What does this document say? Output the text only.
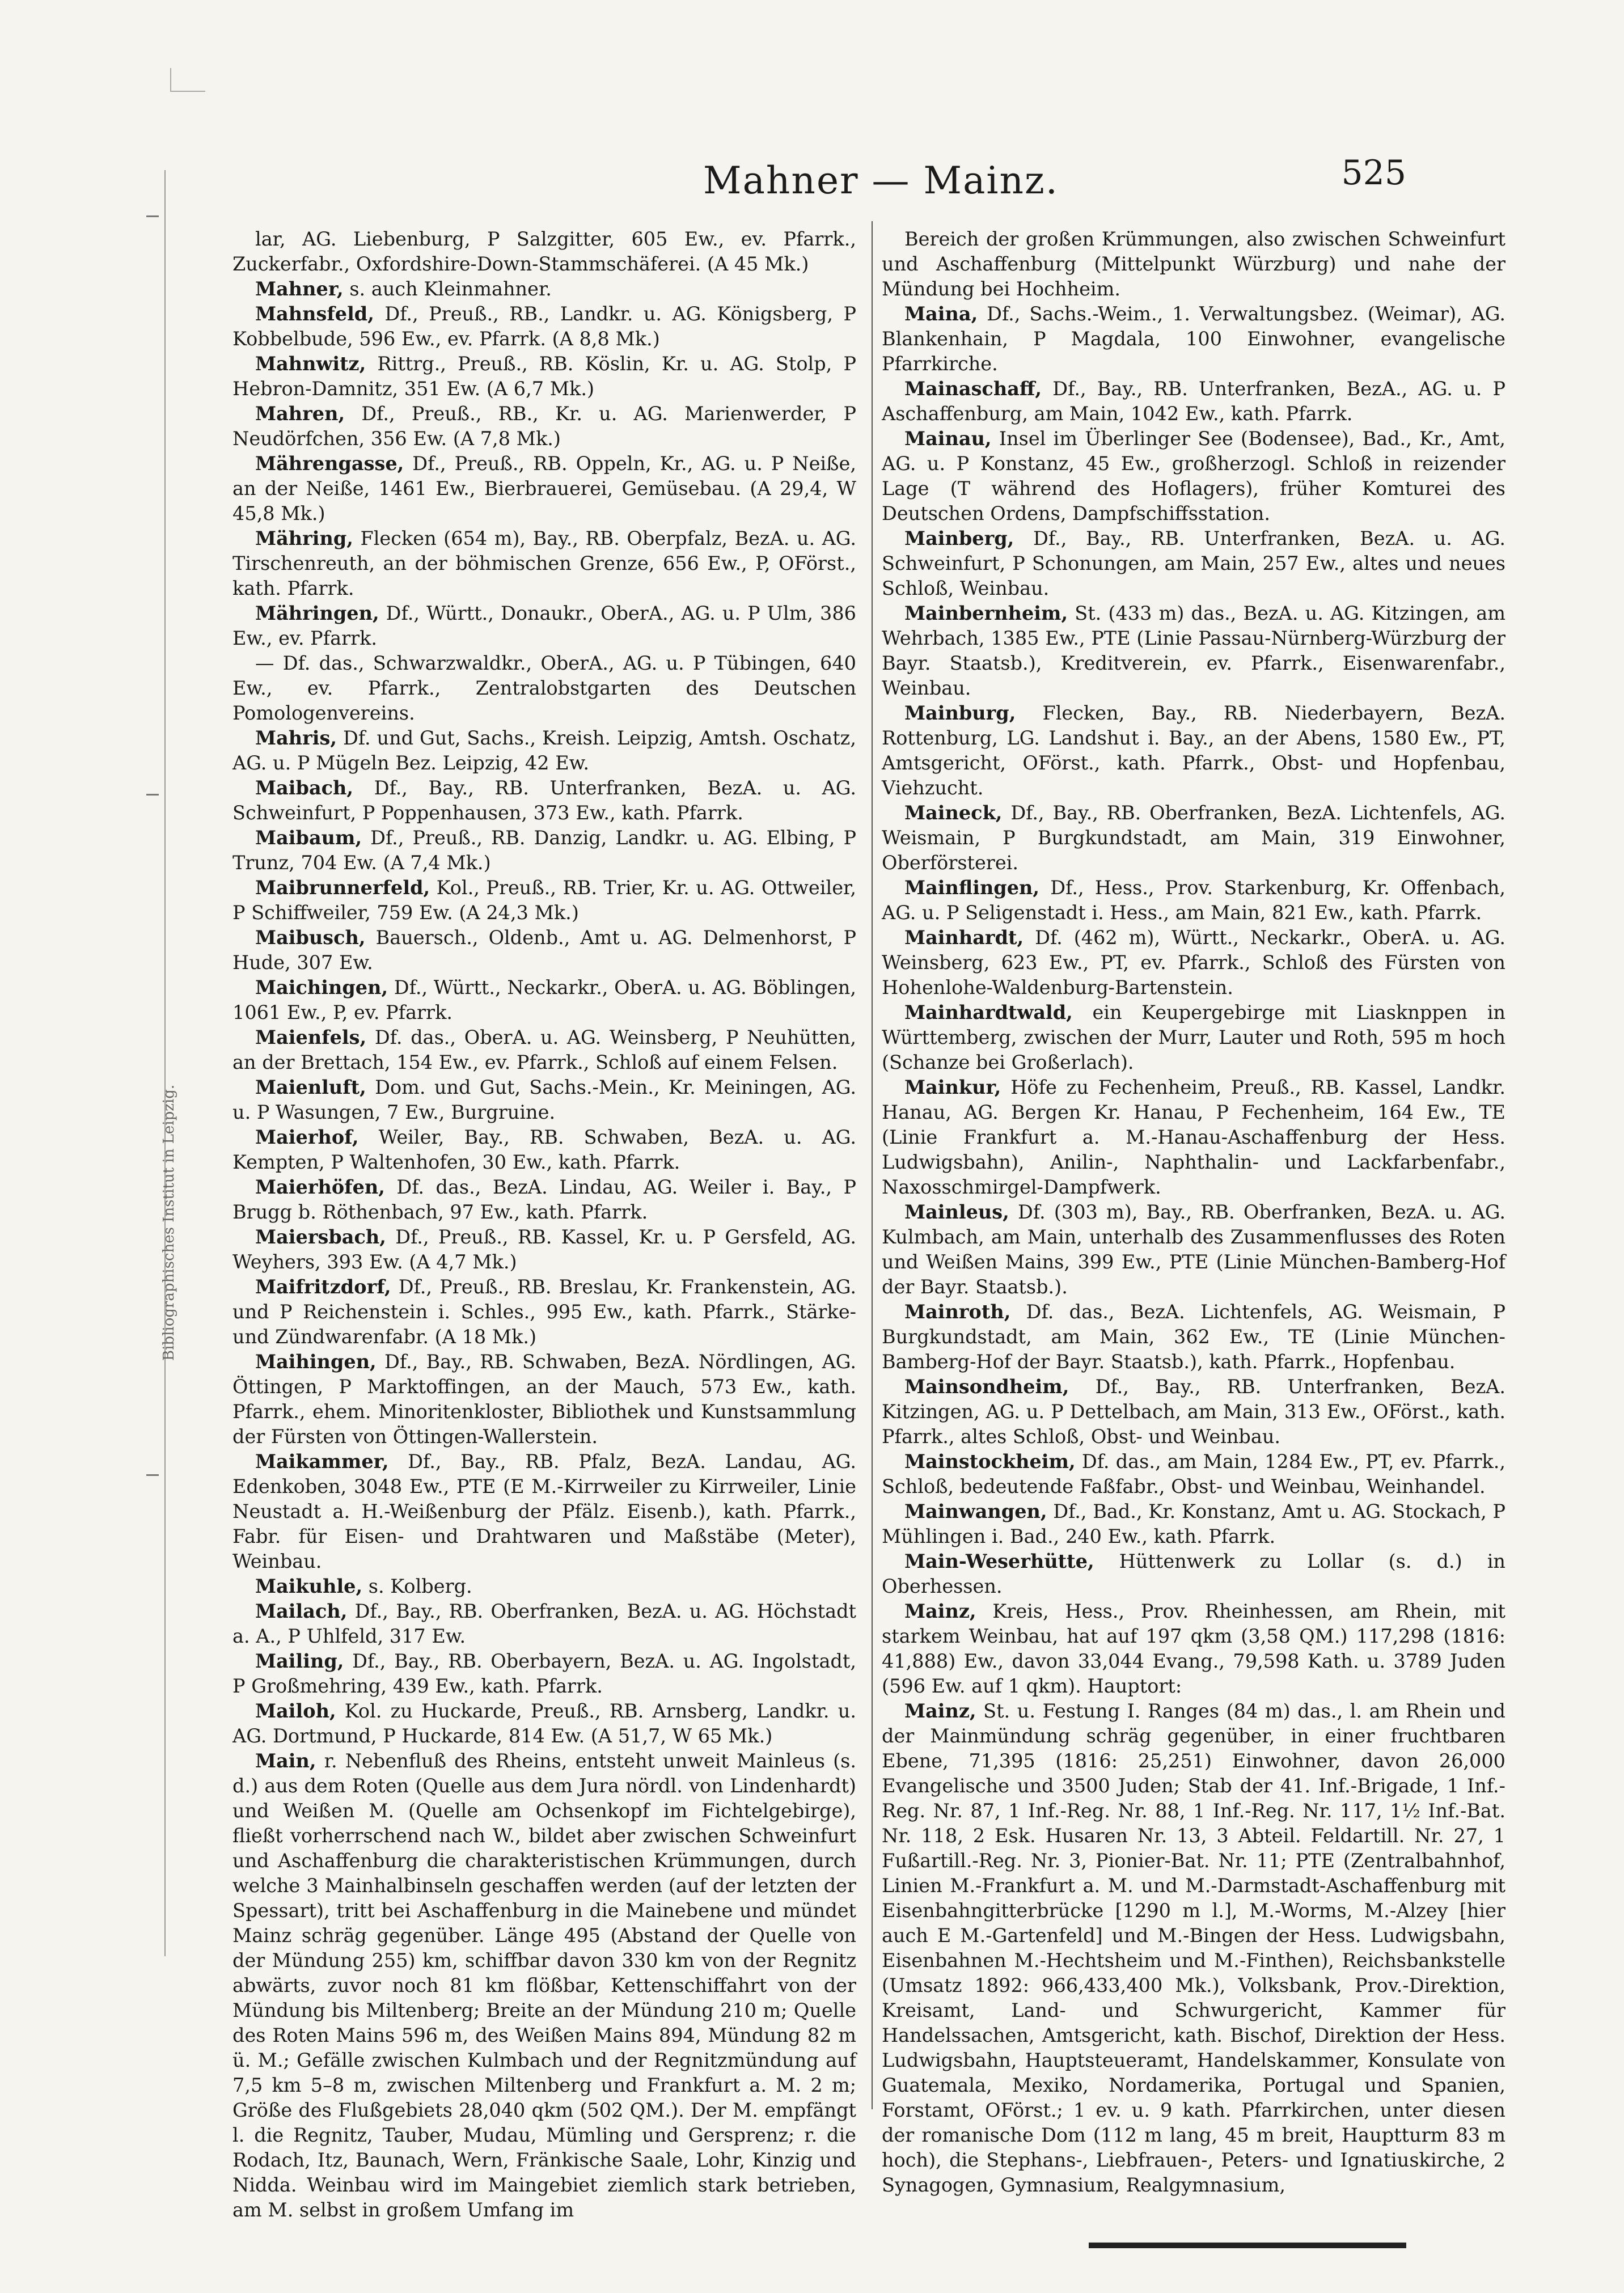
Bibliographisches Institut in Leipzig.
Mahner — Mainz.	525
lar, AG. Liebenburg, P Salzgitter, 605 Ew., ev. Pfarrk., Zuckerfabr., Oxfordshire-Down-Stammschäferei. (A 45 Mk.)
Mahner, s. auch Kleinmahner.
Mahnsfeld, Df., Preuß., RB., Landkr. u. AG. Königsberg, P Kobbelbude, 596 Ew., ev. Pfarrk. (A 8,8 Mk.)
Mahnwitz, Rittrg., Preuß., RB. Köslin, Kr. u. AG. Stolp, P Hebron-Damnitz, 351 Ew. (A 6,7 Mk.)
Mahren, Df., Preuß., RB., Kr. u. AG. Marienwerder, P Neudörfchen, 356 Ew. (A 7,8 Mk.)
Mährengasse, Df., Preuß., RB. Oppeln, Kr., AG. u. P Neiße, an der Neiße, 1461 Ew., Bierbrauerei, Gemüsebau. (A 29,4, W 45,8 Mk.)
Mähring, Flecken (654 m), Bay., RB. Oberpfalz, BezA. u. AG. Tirschenreuth, an der böhmischen Grenze, 656 Ew., P, OFörst., kath. Pfarrk.
Mähringen, Df., Württ., Donaukr., OberA., AG. u. P Ulm, 386 Ew., ev. Pfarrk.
— Df. das., Schwarzwaldkr., OberA., AG. u. P Tübingen, 640 Ew., ev. Pfarrk., Zentralobstgarten des Deutschen Pomologenvereins.
Mahris, Df. und Gut, Sachs., Kreish. Leipzig, Amtsh. Oschatz, AG. u. P Mügeln Bez. Leipzig, 42 Ew.
Maibach, Df., Bay., RB. Unterfranken, BezA. u. AG. Schweinfurt, P Poppenhausen, 373 Ew., kath. Pfarrk.
Maibaum, Df., Preuß., RB. Danzig, Landkr. u. AG. Elbing, P Trunz, 704 Ew. (A 7,4 Mk.)
Maibrunnerfeld, Kol., Preuß., RB. Trier, Kr. u. AG. Ottweiler, P Schiffweiler, 759 Ew. (A 24,3 Mk.)
Maibusch, Bauersch., Oldenb., Amt u. AG. Delmenhorst, P Hude, 307 Ew.
Maichingen, Df., Württ., Neckarkr., OberA. u. AG. Böblingen, 1061 Ew., P, ev. Pfarrk.
Maienfels, Df. das., OberA. u. AG. Weinsberg, P Neuhütten, an der Brettach, 154 Ew., ev. Pfarrk., Schloß auf einem Felsen.
Maienluft, Dom. und Gut, Sachs.-Mein., Kr. Meiningen, AG. u. P Wasungen, 7 Ew., Burgruine.
Maierhof, Weiler, Bay., RB. Schwaben, BezA. u. AG. Kempten, P Waltenhofen, 30 Ew., kath. Pfarrk.
Maierhöfen, Df. das., BezA. Lindau, AG. Weiler i. Bay., P Brugg b. Röthenbach, 97 Ew., kath. Pfarrk.
Maiersbach, Df., Preuß., RB. Kassel, Kr. u. P Gersfeld, AG. Weyhers, 393 Ew. (A 4,7 Mk.)
Maifritzdorf, Df., Preuß., RB. Breslau, Kr. Frankenstein, AG. und P Reichenstein i. Schles., 995 Ew., kath. Pfarrk., Stärke- und Zündwarenfabr. (A 18 Mk.)
Maihingen, Df., Bay., RB. Schwaben, BezA. Nördlingen, AG. Öttingen, P Marktoffingen, an der Mauch, 573 Ew., kath. Pfarrk., ehem. Minoritenkloster, Bibliothek und Kunstsammlung der Fürsten von Öttingen-Wallerstein.
Maikammer, Df., Bay., RB. Pfalz, BezA. Landau, AG. Edenkoben, 3048 Ew., PTE (E M.-Kirrweiler zu Kirrweiler, Linie Neustadt a. H.-Weißenburg der Pfälz. Eisenb.), kath. Pfarrk., Fabr. für Eisen- und Drahtwaren und Maßstäbe (Meter), Weinbau.
Maikuhle, s. Kolberg.
Mailach, Df., Bay., RB. Oberfranken, BezA. u. AG. Höchstadt a. A., P Uhlfeld, 317 Ew.
Mailing, Df., Bay., RB. Oberbayern, BezA. u. AG. Ingolstadt, P Großmehring, 439 Ew., kath. Pfarrk.
Mailoh, Kol. zu Huckarde, Preuß., RB. Arnsberg, Landkr. u. AG. Dortmund, P Huckarde, 814 Ew. (A 51,7, W 65 Mk.)
Main, r. Nebenfluß des Rheins, entsteht unweit Mainleus (s. d.) aus dem Roten (Quelle aus dem Jura nördl. von Lindenhardt) und Weißen M. (Quelle am Ochsenkopf im Fichtelgebirge), fließt vorherrschend nach W., bildet aber zwischen Schweinfurt und Aschaffenburg die charakteristischen Krümmungen, durch welche 3 Mainhalbinseln geschaffen werden (auf der letzten der Spessart), tritt bei Aschaffenburg in die Mainebene und mündet Mainz schräg gegenüber. Länge 495 (Abstand der Quelle von der Mündung 255) km, schiffbar davon 330 km von der Regnitz abwärts, zuvor noch 81 km flößbar, Kettenschiffahrt von der Mündung bis Miltenberg; Breite an der Mündung 210 m; Quelle des Roten Mains 596 m, des Weißen Mains 894, Mündung 82 m ü. M.; Gefälle zwischen Kulmbach und der Regnitzmündung auf 7,5 km 5–8 m, zwischen Miltenberg und Frankfurt a. M. 2 m; Größe des Flußgebiets 28,040 qkm (502 QM.). Der M. empfängt l. die Regnitz, Tauber, Mudau, Mümling und Gersprenz; r. die Rodach, Itz, Baunach, Wern, Fränkische Saale, Lohr, Kinzig und Nidda. Weinbau wird im Maingebiet ziemlich stark betrieben, am M. selbst in großem Umfang im
Bereich der großen Krümmungen, also zwischen Schweinfurt und Aschaffenburg (Mittelpunkt Würzburg) und nahe der Mündung bei Hochheim.
Maina, Df., Sachs.-Weim., 1. Verwaltungsbez. (Weimar), AG. Blankenhain, P Magdala, 100 Einwohner, evangelische Pfarrkirche.
Mainaschaff, Df., Bay., RB. Unterfranken, BezA., AG. u. P Aschaffenburg, am Main, 1042 Ew., kath. Pfarrk.
Mainau, Insel im Überlinger See (Bodensee), Bad., Kr., Amt, AG. u. P Konstanz, 45 Ew., großherzogl. Schloß in reizender Lage (T während des Hoflagers), früher Komturei des Deutschen Ordens, Dampfschiffsstation.
Mainberg, Df., Bay., RB. Unterfranken, BezA. u. AG. Schweinfurt, P Schonungen, am Main, 257 Ew., altes und neues Schloß, Weinbau.
Mainbernheim, St. (433 m) das., BezA. u. AG. Kitzingen, am Wehrbach, 1385 Ew., PTE (Linie Passau-Nürnberg-Würzburg der Bayr. Staatsb.), Kreditverein, ev. Pfarrk., Eisenwarenfabr., Weinbau.
Mainburg, Flecken, Bay., RB. Niederbayern, BezA. Rottenburg, LG. Landshut i. Bay., an der Abens, 1580 Ew., PT, Amtsgericht, OFörst., kath. Pfarrk., Obst- und Hopfenbau, Viehzucht.
Maineck, Df., Bay., RB. Oberfranken, BezA. Lichtenfels, AG. Weismain, P Burgkundstadt, am Main, 319 Einwohner, Oberförsterei.
Mainflingen, Df., Hess., Prov. Starkenburg, Kr. Offenbach, AG. u. P Seligenstadt i. Hess., am Main, 821 Ew., kath. Pfarrk.
Mainhardt, Df. (462 m), Württ., Neckarkr., OberA. u. AG. Weinsberg, 623 Ew., PT, ev. Pfarrk., Schloß des Fürsten von Hohenlohe-Waldenburg-Bartenstein.
Mainhardtwald, ein Keupergebirge mit Liasknppen in Württemberg, zwischen der Murr, Lauter und Roth, 595 m hoch (Schanze bei Großerlach).
Mainkur, Höfe zu Fechenheim, Preuß., RB. Kassel, Landkr. Hanau, AG. Bergen Kr. Hanau, P Fechenheim, 164 Ew., TE (Linie Frankfurt a. M.-Hanau-Aschaffenburg der Hess. Ludwigsbahn), Anilin-, Naphthalin- und Lackfarbenfabr., Naxosschmirgel-Dampfwerk.
Mainleus, Df. (303 m), Bay., RB. Oberfranken, BezA. u. AG. Kulmbach, am Main, unterhalb des Zusammenflusses des Roten und Weißen Mains, 399 Ew., PTE (Linie München-Bamberg-Hof der Bayr. Staatsb.).
Mainroth, Df. das., BezA. Lichtenfels, AG. Weismain, P Burgkundstadt, am Main, 362 Ew., TE (Linie München-Bamberg-Hof der Bayr. Staatsb.), kath. Pfarrk., Hopfenbau.
Mainsondheim, Df., Bay., RB. Unterfranken, BezA. Kitzingen, AG. u. P Dettelbach, am Main, 313 Ew., OFörst., kath. Pfarrk., altes Schloß, Obst- und Weinbau.
Mainstockheim, Df. das., am Main, 1284 Ew., PT, ev. Pfarrk., Schloß, bedeutende Faßfabr., Obst- und Weinbau, Weinhandel.
Mainwangen, Df., Bad., Kr. Konstanz, Amt u. AG. Stockach, P Mühlingen i. Bad., 240 Ew., kath. Pfarrk.
Main-Weserhütte, Hüttenwerk zu Lollar (s. d.) in Oberhessen.
Mainz, Kreis, Hess., Prov. Rheinhessen, am Rhein, mit starkem Weinbau, hat auf 197 qkm (3,58 QM.) 117,298 (1816: 41,888) Ew., davon 33,044 Evang., 79,598 Kath. u. 3789 Juden (596 Ew. auf 1 qkm). Hauptort:
Mainz, St. u. Festung I. Ranges (84 m) das., l. am Rhein und der Mainmündung schräg gegenüber, in einer fruchtbaren Ebene, 71,395 (1816: 25,251) Einwohner, davon 26,000 Evangelische und 3500 Juden; Stab der 41. Inf.-Brigade, 1 Inf.-Reg. Nr. 87, 1 Inf.-Reg. Nr. 88, 1 Inf.-Reg. Nr. 117, 1½ Inf.-Bat. Nr. 118, 2 Esk. Husaren Nr. 13, 3 Abteil. Feldartill. Nr. 27, 1 Fußartill.-Reg. Nr. 3, Pionier-Bat. Nr. 11; PTE (Zentralbahnhof, Linien M.-Frankfurt a. M. und M.-Darmstadt-Aschaffenburg mit Eisenbahngitterbrücke [1290 m l.], M.-Worms, M.-Alzey [hier auch E M.-Gartenfeld] und M.-Bingen der Hess. Ludwigsbahn, Eisenbahnen M.-Hechtsheim und M.-Finthen), Reichsbankstelle (Umsatz 1892: 966,433,400 Mk.), Volksbank, Prov.-Direktion, Kreisamt, Land- und Schwurgericht, Kammer für Handelssachen, Amtsgericht, kath. Bischof, Direktion der Hess. Ludwigsbahn, Hauptsteueramt, Handelskammer, Konsulate von Guatemala, Mexiko, Nordamerika, Portugal und Spanien, Forstamt, OFörst.; 1 ev. u. 9 kath. Pfarrkirchen, unter diesen der romanische Dom (112 m lang, 45 m breit, Hauptturm 83 m hoch), die Stephans-, Liebfrauen-, Peters- und Ignatiuskirche, 2 Synagogen, Gymnasium, Realgymnasium,
